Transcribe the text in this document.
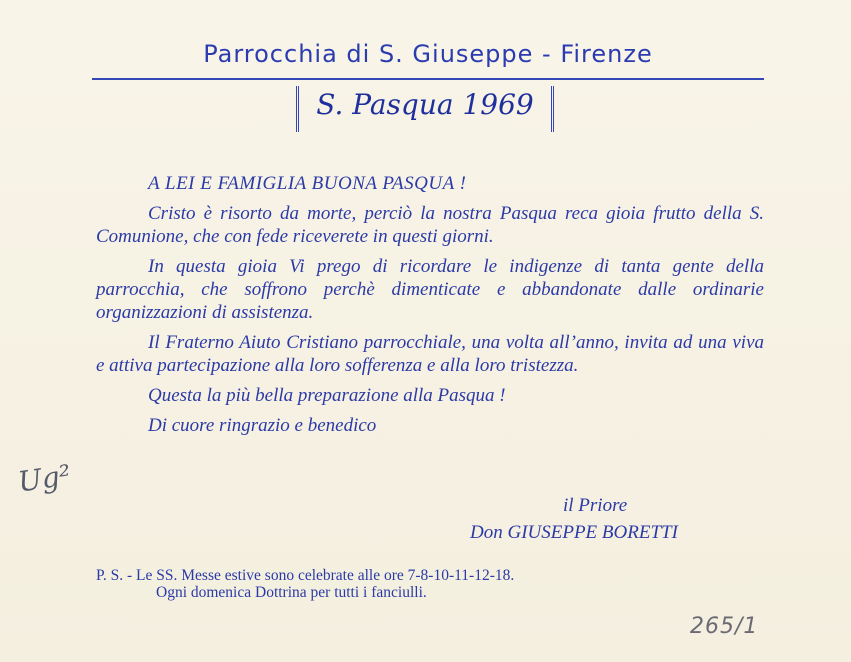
Parrocchia di S. Giuseppe - Firenze
S. Pasqua 1969

A LEI E FAMIGLIA BUONA PASQUA !

Cristo è risorto da morte, perciò la nostra Pasqua reca gioia frutto della S. Comunione, che con fede riceverete in questi giorni.

In questa gioia Vi prego di ricordare le indigenze di tanta gente della parrocchia, che soffrono perchè dimenticate e abbandonate dalle ordinarie organizzazioni di assistenza.

Il Fraterno Aiuto Cristiano parrocchiale, una volta all’anno, invita ad una viva e attiva partecipazione alla loro sofferenza e alla loro tristezza.

Questa la più bella preparazione alla Pasqua !

Di cuore ringrazio e benedico

il Priore
Don GIUSEPPE BORETTI
P. S. - Le SS. Messe estive sono celebrate alle ore 7-8-10-11-12-18.
Ogni domenica Dottrina per tutti i fanciulli.
Ug²
265/1
